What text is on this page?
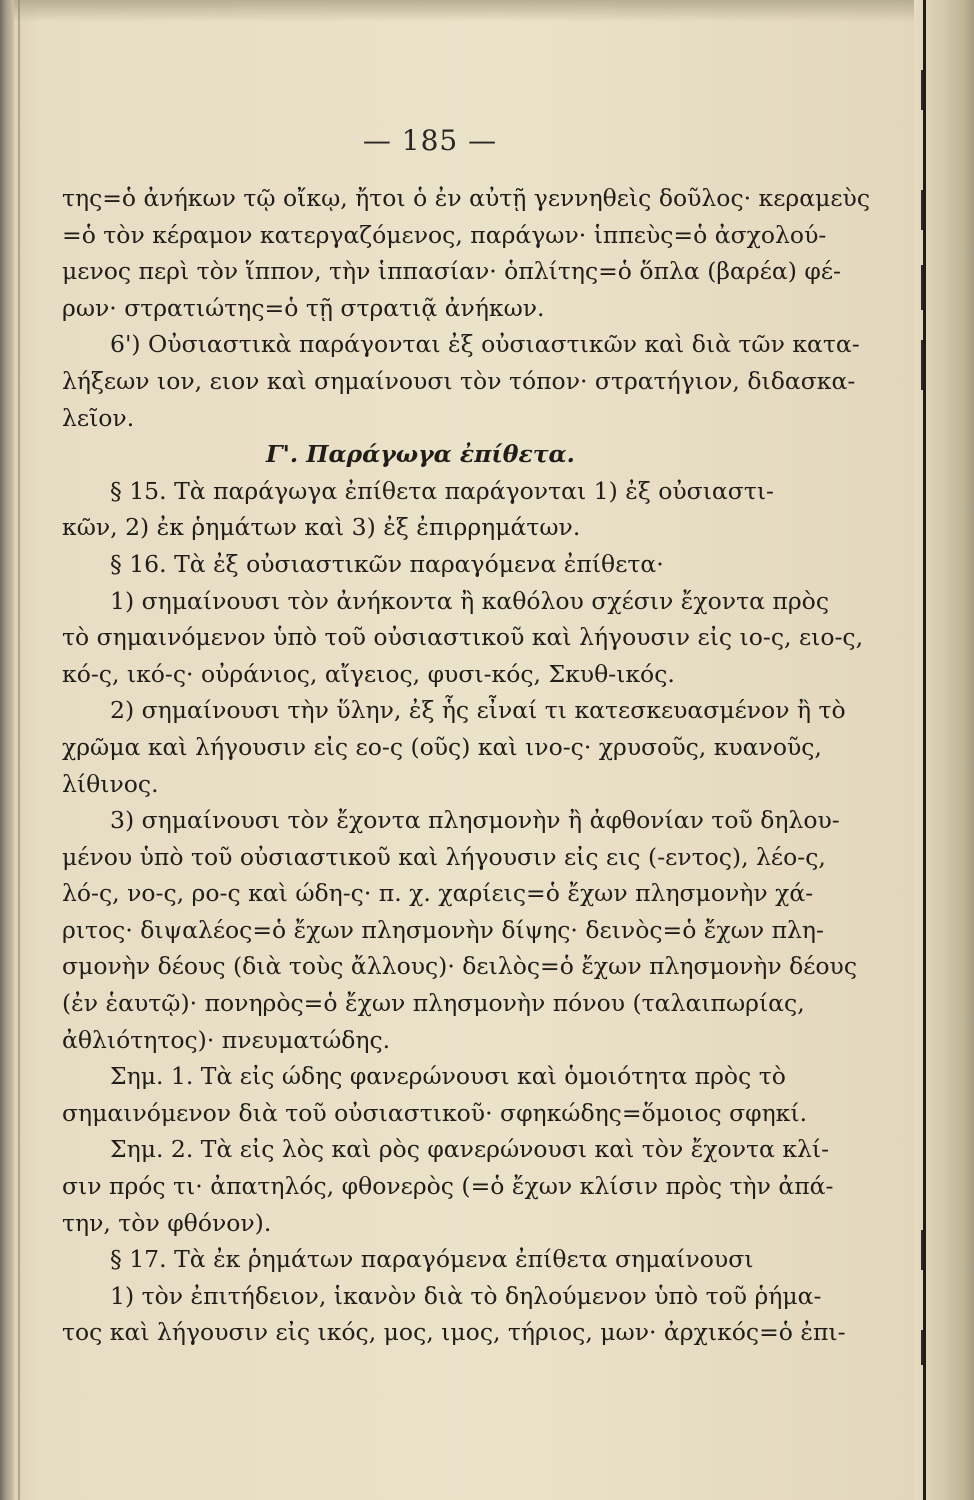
— 185 —
της=ὁ ἀνήκων τῷ οἴκῳ, ἤτοι ὁ ἐν αὐτῇ γεννηθεὶς δοῦλος· κεραμεὺς
=ὁ τὸν κέραμον κατεργαζόμενος, παράγων· ἱππεὺς=ὁ ἀσχολού-
μενος περὶ τὸν ἵππον, τὴν ἱππασίαν· ὁπλίτης=ὁ ὅπλα (βαρέα) φέ-
ρων· στρατιώτης=ὁ τῇ στρατιᾷ ἀνήκων.
6') Οὐσιαστικὰ παράγονται ἐξ οὐσιαστικῶν καὶ διὰ τῶν κατα-
λήξεων ιον, ειον καὶ σημαίνουσι τὸν τόπον· στρατήγιον, διδασκα-
λεῖον.
Γ'. Παράγωγα ἐπίθετα.
§ 15. Τὰ παράγωγα ἐπίθετα παράγονται 1) ἐξ οὐσιαστι-
κῶν, 2) ἐκ ῥημάτων καὶ 3) ἐξ ἐπιρρημάτων.
§ 16. Τὰ ἐξ οὐσιαστικῶν παραγόμενα ἐπίθετα·
1) σημαίνουσι τὸν ἀνήκοντα ἢ καθόλου σχέσιν ἔχοντα πρὸς
τὸ σημαινόμενον ὑπὸ τοῦ οὐσιαστικοῦ καὶ λήγουσιν εἰς ιο-ς, ειο-ς,
κό-ς, ικό-ς· οὐράνιος, αἴγειος, φυσι-κός, Σκυθ-ικός.
2) σημαίνουσι τὴν ὕλην, ἐξ ἧς εἶναί τι κατεσκευασμένον ἢ τὸ
χρῶμα καὶ λήγουσιν εἰς εο-ς (οῦς) καὶ ινο-ς· χρυσοῦς, κυανοῦς,
λίθινος.
3) σημαίνουσι τὸν ἔχοντα πλησμονὴν ἢ ἀφθονίαν τοῦ δηλου-
μένου ὑπὸ τοῦ οὐσιαστικοῦ καὶ λήγουσιν εἰς εις (-εντος), λέο-ς,
λό-ς, νο-ς, ρο-ς καὶ ώδη-ς· π. χ. χαρίεις=ὁ ἔχων πλησμονὴν χά-
ριτος· διψαλέος=ὁ ἔχων πλησμονὴν δίψης· δεινὸς=ὁ ἔχων πλη-
σμονὴν δέους (διὰ τοὺς ἄλλους)· δειλὸς=ὁ ἔχων πλησμονὴν δέους
(ἐν ἑαυτῷ)· πονηρὸς=ὁ ἔχων πλησμονὴν πόνου (ταλαιπωρίας,
ἀθλιότητος)· πνευματώδης.
Σημ. 1. Τὰ εἰς ώδης φανερώνουσι καὶ ὁμοιότητα πρὸς τὸ
σημαινόμενον διὰ τοῦ οὐσιαστικοῦ· σφηκώδης=ὅμοιος σφηκί.
Σημ. 2. Τὰ εἰς λὸς καὶ ρὸς φανερώνουσι καὶ τὸν ἔχοντα κλί-
σιν πρός τι· ἀπατηλός, φθονερὸς (=ὁ ἔχων κλίσιν πρὸς τὴν ἀπά-
την, τὸν φθόνον).
§ 17. Τὰ ἐκ ῥημάτων παραγόμενα ἐπίθετα σημαίνουσι
1) τὸν ἐπιτήδειον, ἱκανὸν διὰ τὸ δηλούμενον ὑπὸ τοῦ ῥήμα-
τος καὶ λήγουσιν εἰς ικός, μος, ιμος, τήριος, μων· ἀρχικός=ὁ ἐπι-
